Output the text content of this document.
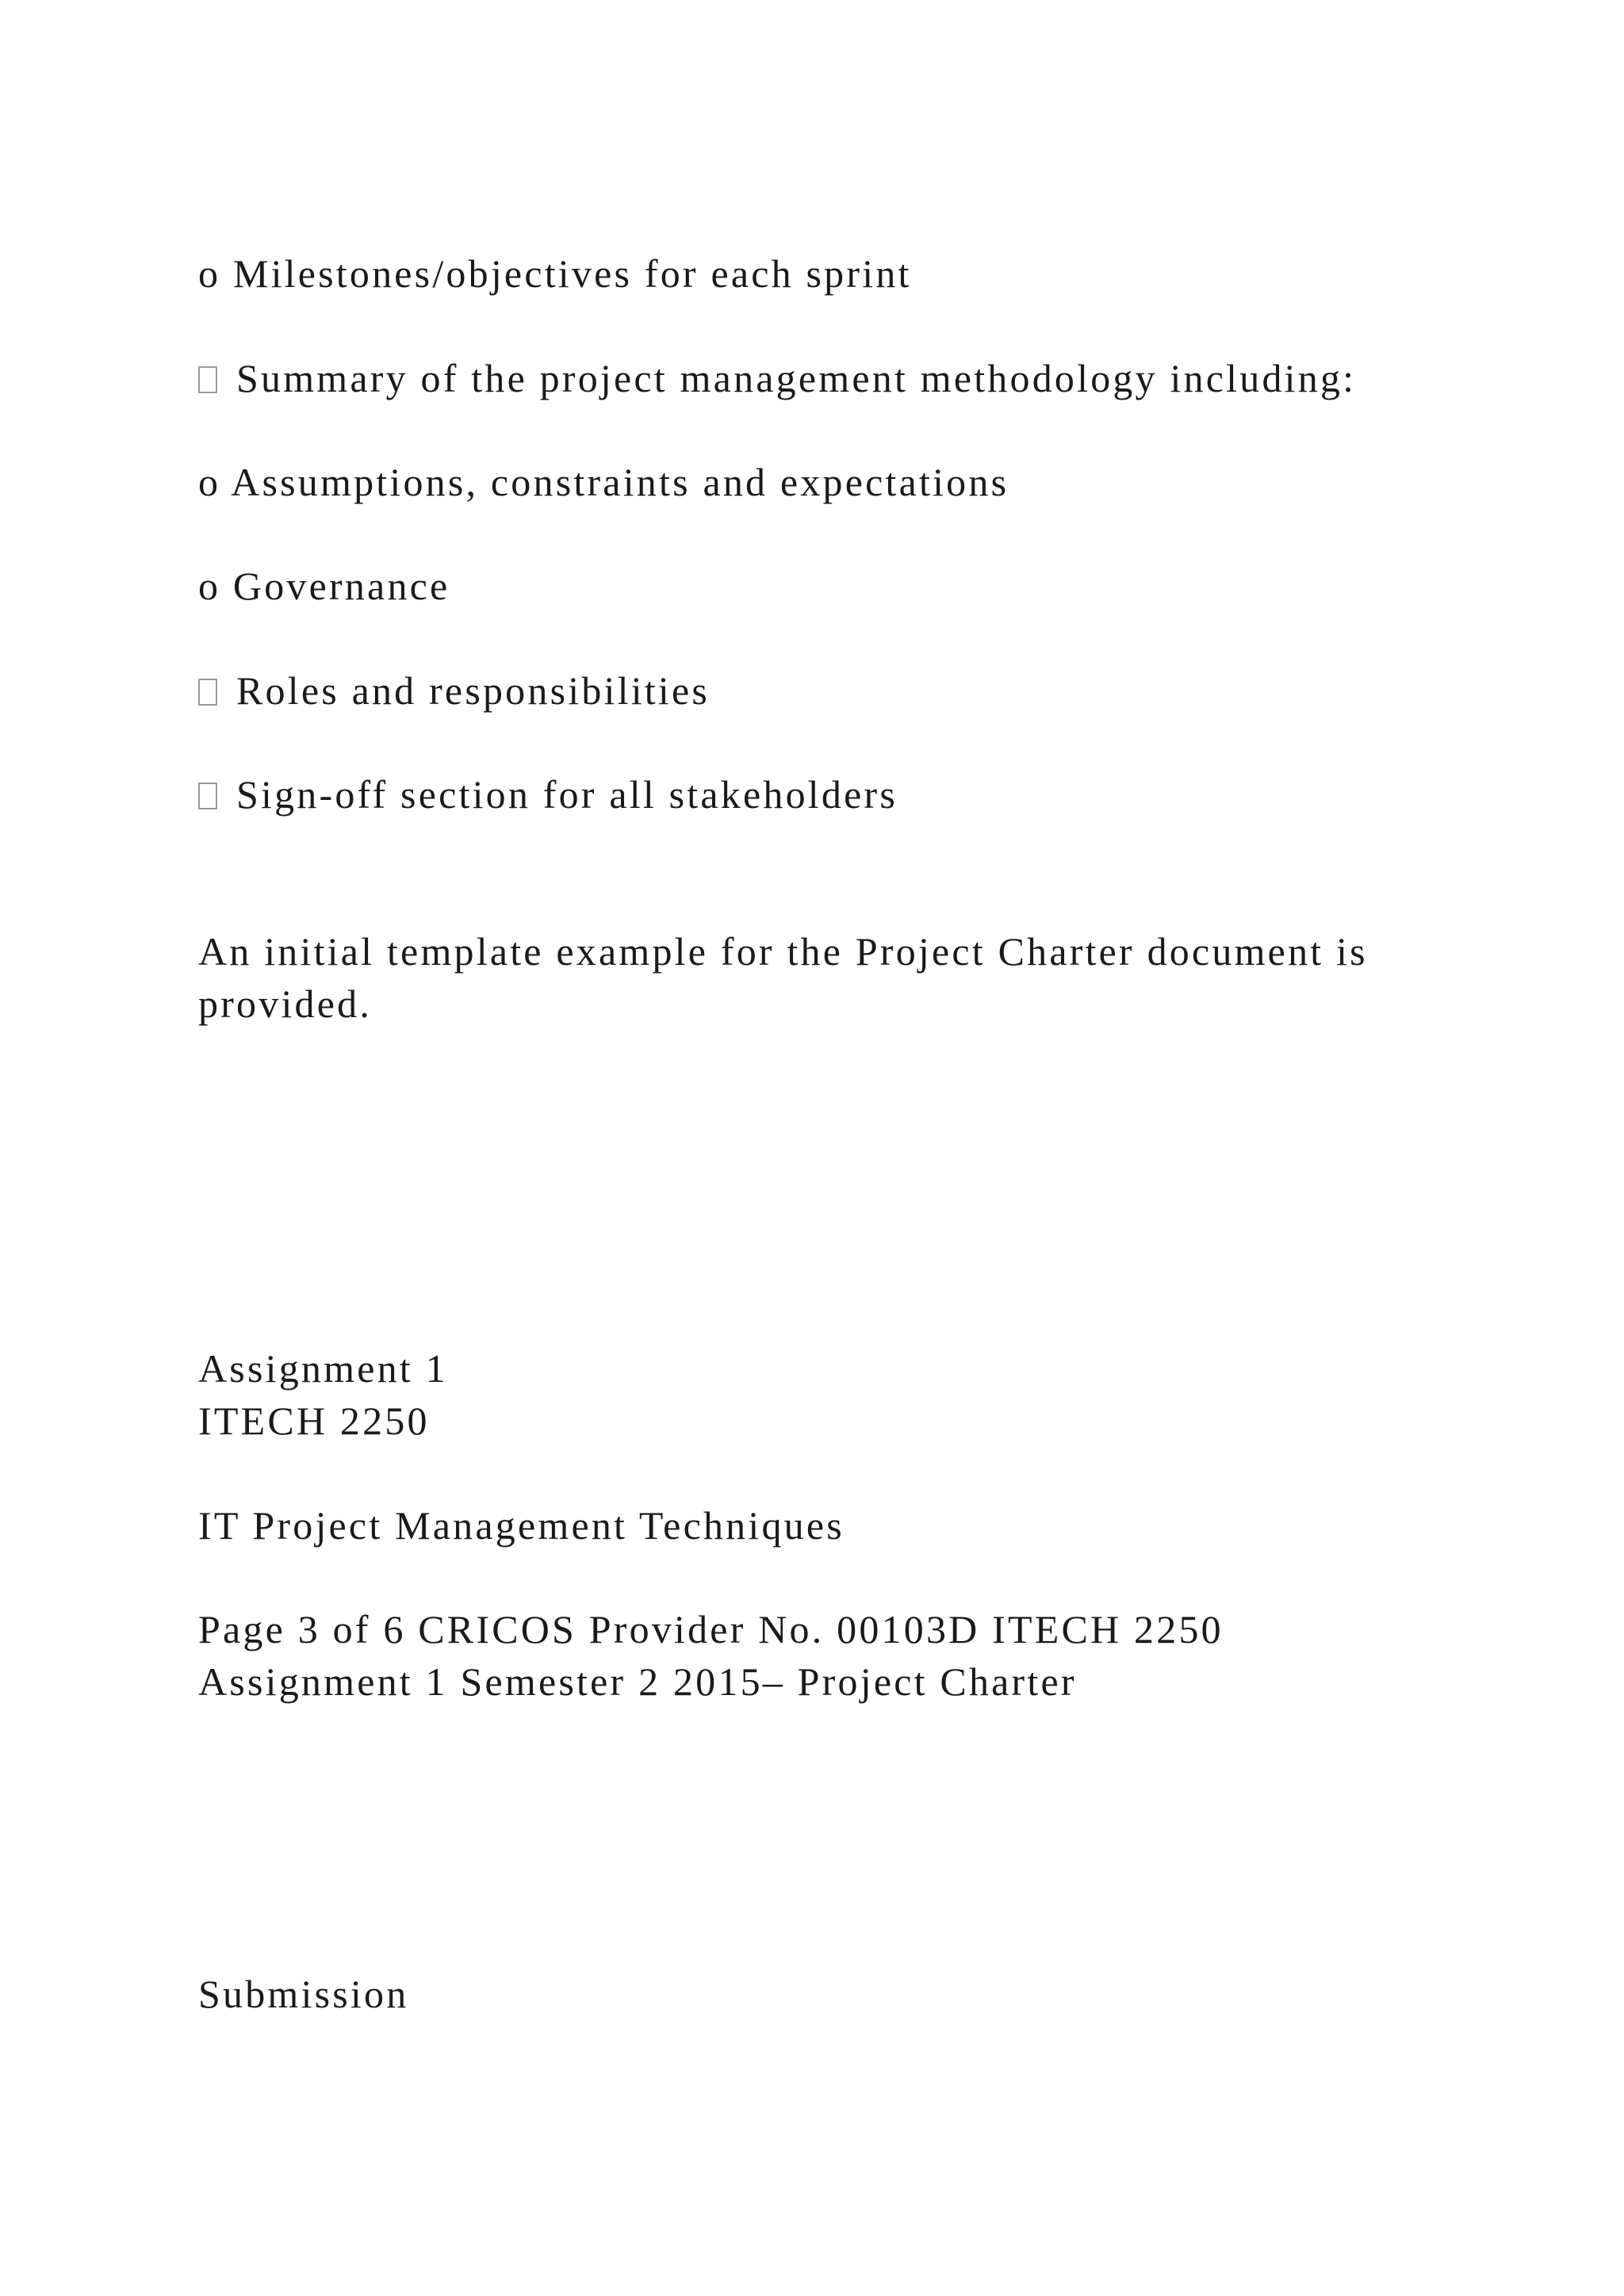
o Milestones/objectives for each sprint

Summary of the project management methodology including:

o Assumptions, constraints and expectations

o Governance

Roles and responsibilities

Sign-off section for all stakeholders

An initial template example for the Project Charter document is

provided.

Assignment 1

ITECH 2250

IT Project Management Techniques

Page 3 of 6 CRICOS Provider No. 00103D ITECH 2250

Assignment 1 Semester 2 2015– Project Charter

Submission
